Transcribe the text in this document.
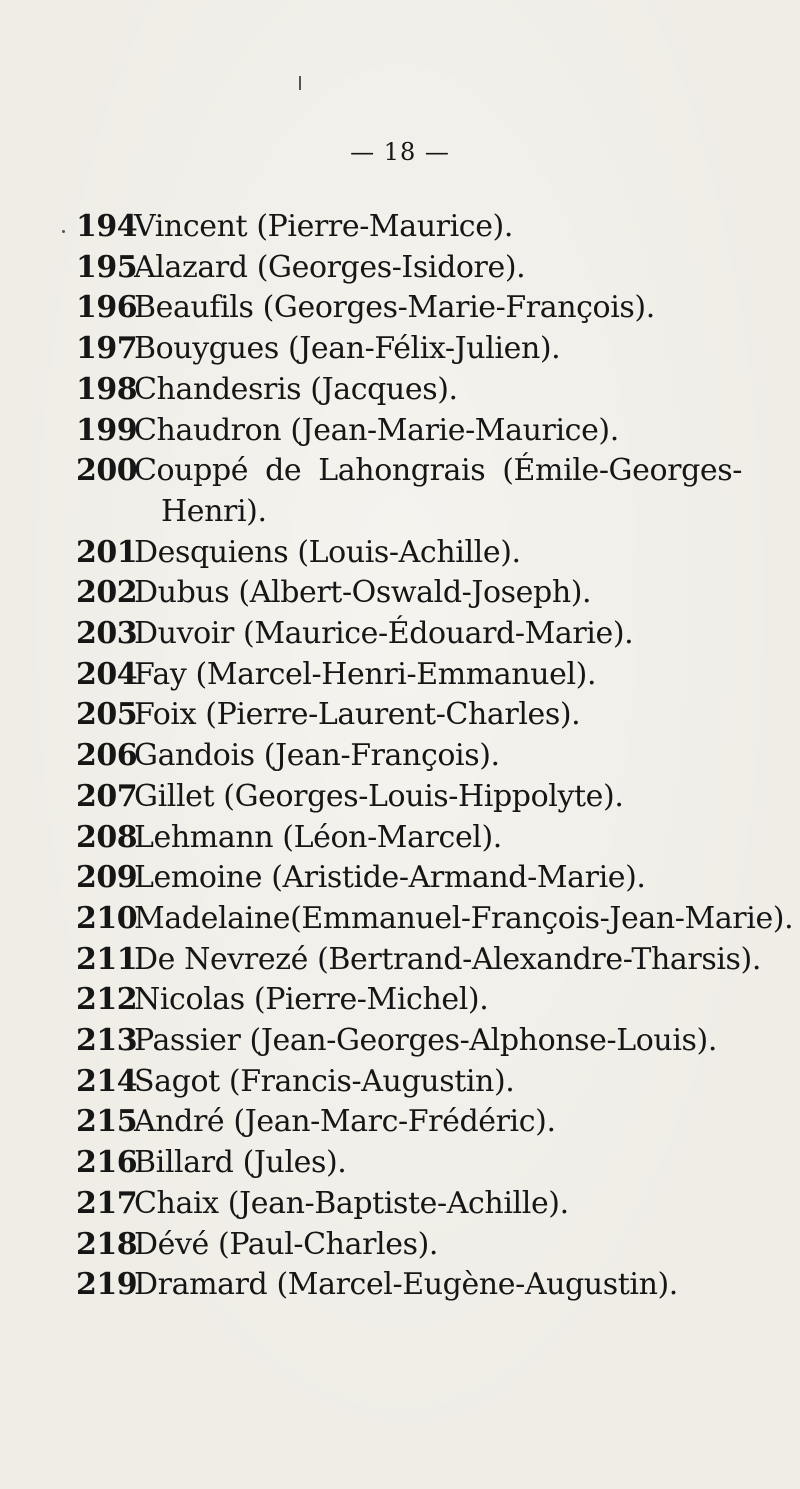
— 18 —
194
Vincent (Pierre-Maurice).
195
Alazard (Georges-Isidore).
196
Beaufils (Georges-Marie-François).
197
Bouygues (Jean-Félix-Julien).
198
Chandesris (Jacques).
199
Chaudron (Jean-Marie-Maurice).
200
Couppé de Lahongrais (Émile-Georges-
Henri).
201
Desquiens (Louis-Achille).
202
Dubus (Albert-Oswald-Joseph).
203
Duvoir (Maurice-Édouard-Marie).
204
Fay (Marcel-Henri-Emmanuel).
205
Foix (Pierre-Laurent-Charles).
206
Gandois (Jean-François).
207
Gillet (Georges-Louis-Hippolyte).
208
Lehmann (Léon-Marcel).
209
Lemoine (Aristide-Armand-Marie).
210
Madelaine(Emmanuel-François-Jean-Marie).
211
De Nevrezé (Bertrand-Alexandre-Tharsis).
212
Nicolas (Pierre-Michel).
213
Passier (Jean-Georges-Alphonse-Louis).
214
Sagot (Francis-Augustin).
215
André (Jean-Marc-Frédéric).
216
Billard (Jules).
217
Chaix (Jean-Baptiste-Achille).
218
Dévé (Paul-Charles).
219
Dramard (Marcel-Eugène-Augustin).
